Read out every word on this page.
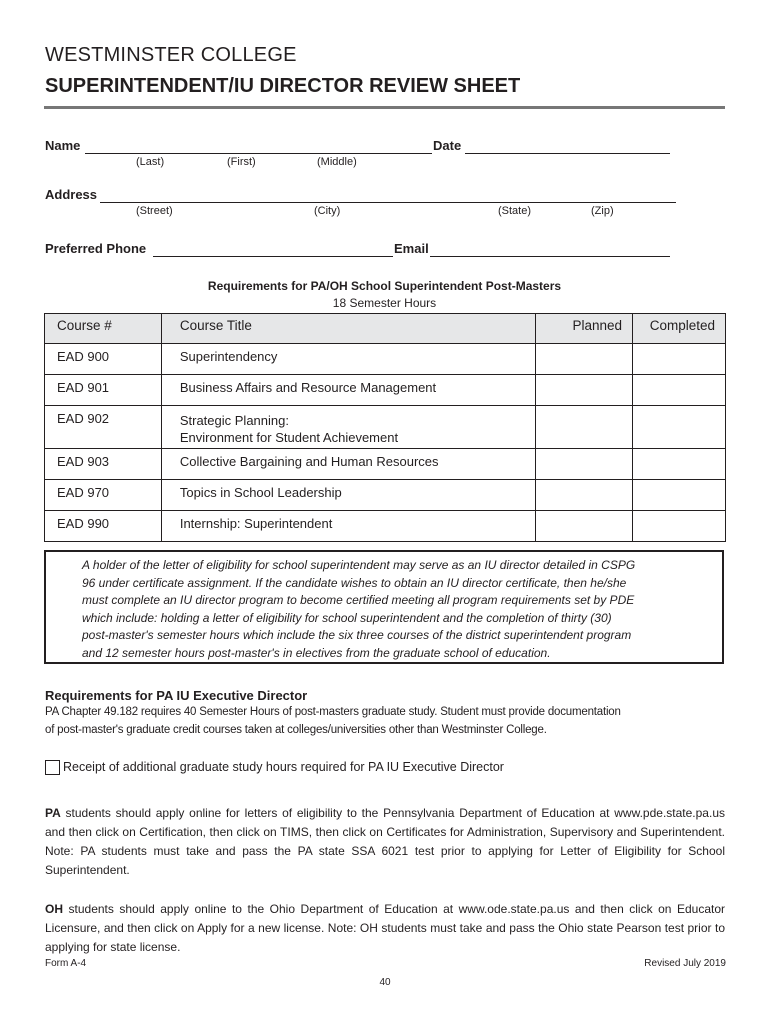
WESTMINSTER COLLEGE
SUPERINTENDENT/IU DIRECTOR REVIEW SHEET
Name	Date
(Last)	(First)	(Middle)
Address
(Street)	(City)	(State)	(Zip)
Preferred Phone	Email
Requirements for PA/OH School Superintendent Post-Masters
18 Semester Hours
Course #	Course Title	Planned	Completed
EAD 900	Superintendency		
EAD 901	Business Affairs and Resource Management		
EAD 902	Strategic Planning:
Environment for Student Achievement		

EAD 903	Collective Bargaining and Human Resources		
EAD 970	Topics in School Leadership		
EAD 990	Internship: Superintendent		
A holder of the letter of eligibility for school superintendent may serve as an IU director detailed in CSPG
96 under certificate assignment. If the candidate wishes to obtain an IU director certificate, then he/she
must complete an IU director program to become certified meeting all program requirements set by PDE
which include: holding a letter of eligibility for school superintendent and the completion of thirty (30)
post-master's semester hours which include the six three courses of the district superintendent program
and 12 semester hours post-master's in electives from the graduate school of education.
Requirements for PA IU Executive Director
PA Chapter 49.182 requires 40 Semester Hours of post-masters graduate study. Student must provide documentation
of post-master's graduate credit courses taken at colleges/universities other than Westminster College.
Receipt of additional graduate study hours required for PA IU Executive Director
PA students should apply online for letters of eligibility to the Pennsylvania Department of Education at www.pde.state.pa.us and then click on Certification, then click on TIMS, then click on Certificates for Administration, Supervisory and Superintendent. Note: PA students must take and pass the PA state SSA 6021 test prior to applying for Letter of Eligibility for School Superintendent.
OH students should apply online to the Ohio Department of Education at www.ode.state.pa.us and then click on Educator Licensure, and then click on Apply for a new license. Note: OH students must take and pass the Ohio state Pearson test prior to applying for state license.
Form A-4	Revised July 2019
40
